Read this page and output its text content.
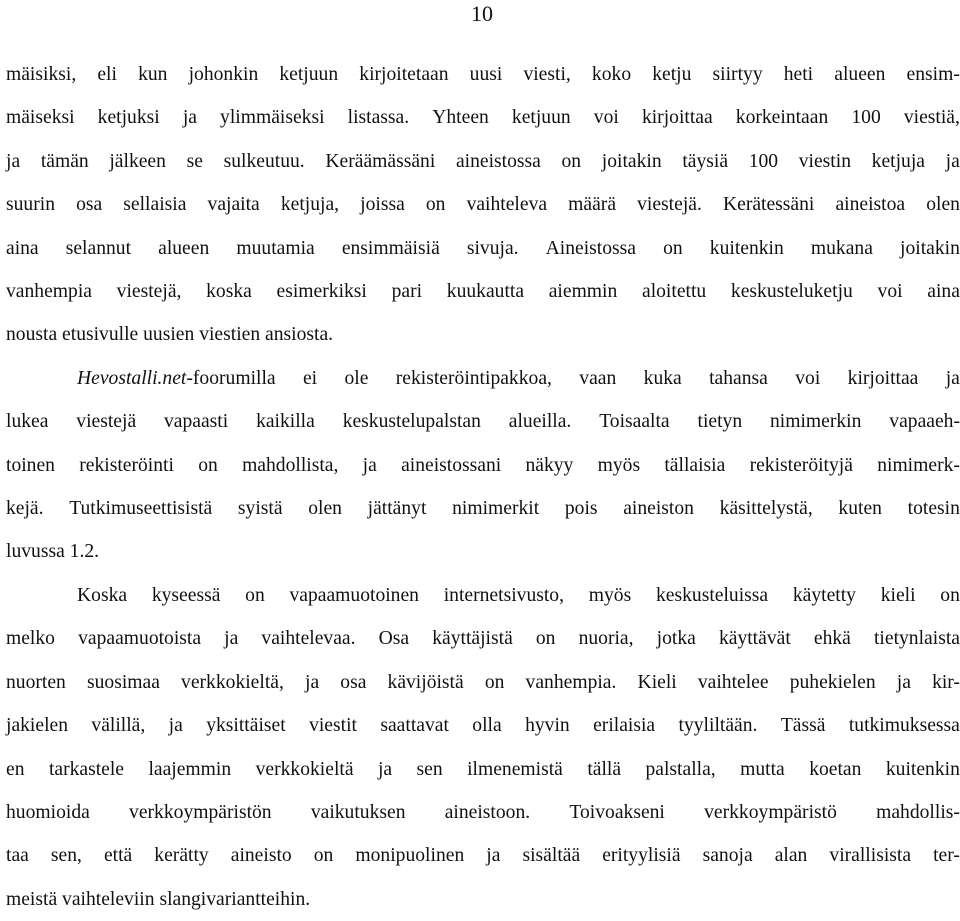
10
mäisiksi, eli kun johonkin ketjuun kirjoitetaan uusi viesti, koko ketju siirtyy heti alueen ensim-
mäiseksi ketjuksi ja ylimmäiseksi listassa. Yhteen ketjuun voi kirjoittaa korkeintaan 100 viestiä,
ja tämän jälkeen se sulkeutuu. Keräämässäni aineistossa on joitakin täysiä 100 viestin ketjuja ja
suurin osa sellaisia vajaita ketjuja, joissa on vaihteleva määrä viestejä. Kerätessäni aineistoa olen
aina selannut alueen muutamia ensimmäisiä sivuja. Aineistossa on kuitenkin mukana joitakin
vanhempia viestejä, koska esimerkiksi pari kuukautta aiemmin aloitettu keskusteluketju voi aina
nousta etusivulle uusien viestien ansiosta.
Hevostalli.net-foorumilla ei ole rekisteröintipakkoa, vaan kuka tahansa voi kirjoittaa ja
lukea viestejä vapaasti kaikilla keskustelupalstan alueilla. Toisaalta tietyn nimimerkin vapaaeh-
toinen rekisteröinti on mahdollista, ja aineistossani näkyy myös tällaisia rekisteröityjä nimimerk-
kejä. Tutkimuseettisistä syistä olen jättänyt nimimerkit pois aineiston käsittelystä, kuten totesin
luvussa 1.2.
Koska kyseessä on vapaamuotoinen internetsivusto, myös keskusteluissa käytetty kieli on
melko vapaamuotoista ja vaihtelevaa. Osa käyttäjistä on nuoria, jotka käyttävät ehkä tietynlaista
nuorten suosimaa verkkokieltä, ja osa kävijöistä on vanhempia. Kieli vaihtelee puhekielen ja kir-
jakielen välillä, ja yksittäiset viestit saattavat olla hyvin erilaisia tyyliltään. Tässä tutkimuksessa
en tarkastele laajemmin verkkokieltä ja sen ilmenemistä tällä palstalla, mutta koetan kuitenkin
huomioida verkkoympäristön vaikutuksen aineistoon. Toivoakseni verkkoympäristö mahdollis-
taa sen, että kerätty aineisto on monipuolinen ja sisältää erityylisiä sanoja alan virallisista ter-
meistä vaihteleviin slangivariantteihin.
